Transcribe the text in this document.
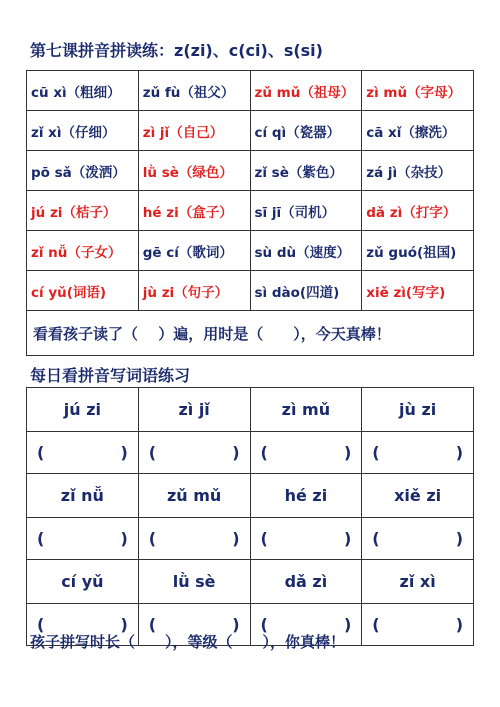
第七课拼音拼读练：z(zi)、c(ci)、s(si)
cū xì（粗细）	zǔ fù（祖父）	zǔ mǔ（祖母）	zì mǔ（字母）
zǐ xì（仔细）	zì jǐ（自己）	cí qì（瓷器）	cā xǐ（擦洗）
pō sǎ（泼洒）	lǜ sè（绿色）	zǐ sè（紫色）	zá jì（杂技）
jú zi（桔子）	hé zi（盒子）	sī jī（司机）	dǎ zì（打字）
zǐ nǚ（子女）	gē cí（歌词）	sù dù（速度）	zǔ guó(祖国)
cí yǔ(词语)	jù zi（句子）	sì dào(四道)	xiě zì(写字)
看看孩子读了（　 ）遍，用时是（　　），今天真棒！			
每日看拼音写词语练习
jú zi	zì jǐ	zì mǔ	jù zi

( )	( )	( )	( )

zǐ nǚ	zǔ mǔ	hé zi	xiě zi

( )	( )	( )	( )

cí yǔ	lǜ sè	dǎ zì	zǐ xì

( )	( )	( )	( )
孩子拼写时长（　　），等级（　　），你真棒！
